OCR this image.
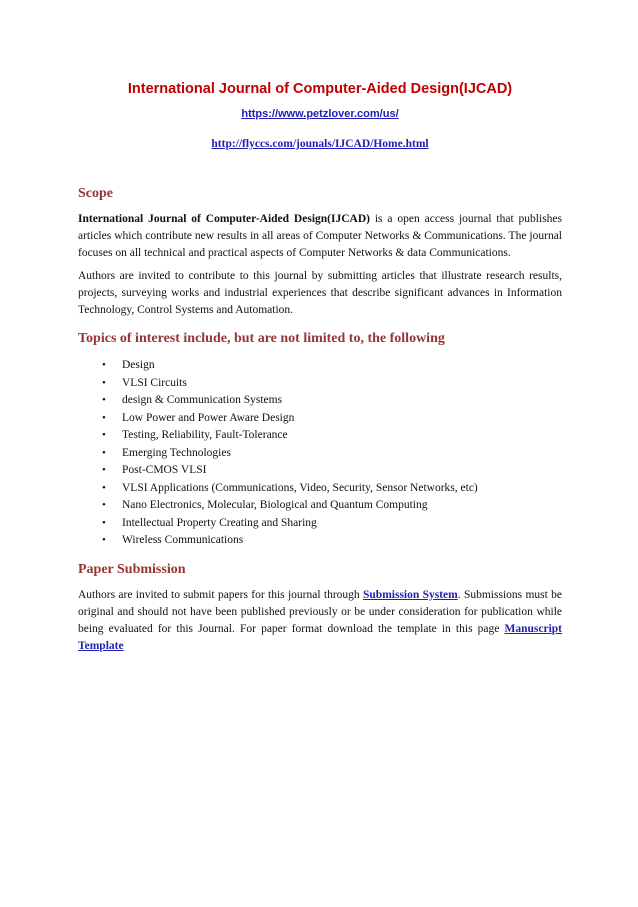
International Journal of Computer-Aided Design(IJCAD)
https://www.petzlover.com/us/
http://flyccs.com/jounals/IJCAD/Home.html
Scope

International Journal of Computer-Aided Design(IJCAD) is a open access journal that publishes articles which contribute new results in all areas of Computer Networks & Communications. The journal focuses on all technical and practical aspects of Computer Networks & data Communications.

Authors are invited to contribute to this journal by submitting articles that illustrate research results, projects, surveying works and industrial experiences that describe significant advances in Information Technology, Control Systems and Automation.

Topics of interest include, but are not limited to, the following
• Design
• VLSI Circuits
• design & Communication Systems
• Low Power and Power Aware Design
• Testing, Reliability, Fault-Tolerance
• Emerging Technologies
• Post-CMOS VLSI
• VLSI Applications (Communications, Video, Security, Sensor Networks, etc)
• Nano Electronics, Molecular, Biological and Quantum Computing
• Intellectual Property Creating and Sharing
• Wireless Communications
Paper Submission

Authors are invited to submit papers for this journal through Submission System. Submissions must be original and should not have been published previously or be under consideration for publication while being evaluated for this Journal. For paper format download the template in this page Manuscript Template
